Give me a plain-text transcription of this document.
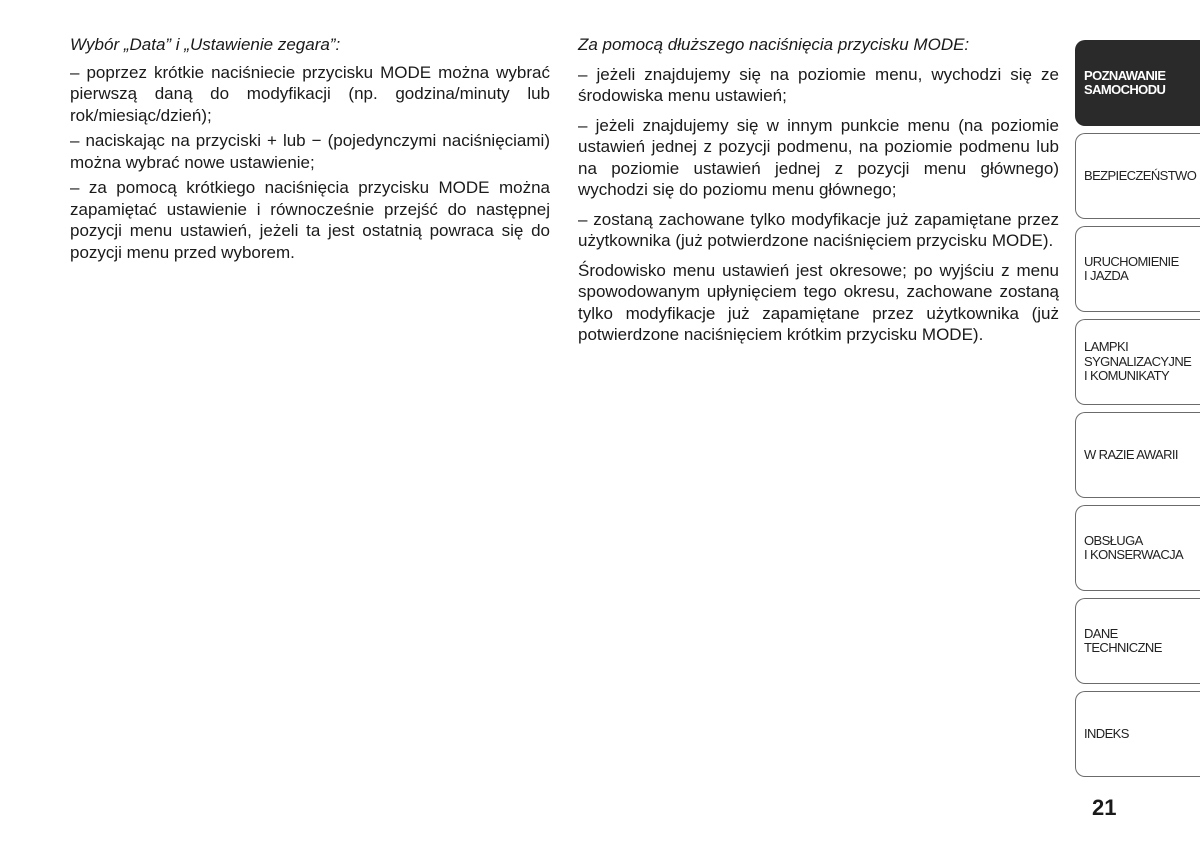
Wybór „Data” i „Ustawienie zegara”:

– poprzez krótkie naciśniecie przycisku MODE można wybrać pierwszą daną do modyfikacji (np. godzina/minuty lub rok/miesiąc/dzień);

– naciskając na przyciski + lub − (pojedynczymi naciśnięciami) można wybrać nowe ustawienie;

– za pomocą krótkiego naciśnięcia przycisku MODE można zapamiętać ustawienie i równocześnie przejść do następnej pozycji menu ustawień, jeżeli ta jest ostatnią powraca się do pozycji menu przed wyborem.

Za pomocą dłuższego naciśnięcia przycisku MODE:

– jeżeli znajdujemy się na poziomie menu, wychodzi się ze środowiska menu ustawień;

– jeżeli znajdujemy się w innym punkcie menu (na poziomie ustawień jednej z pozycji podmenu, na poziomie podmenu lub na poziomie ustawień jednej z pozycji menu głównego) wychodzi się do poziomu menu głównego;

– zostaną zachowane tylko modyfikacje już zapamiętane przez użytkownika (już potwierdzone naciśnięciem przycisku MODE).

Środowisko menu ustawień jest okresowe; po wyjściu z menu spowodowanym upłynięciem tego okresu, zachowane zostaną tylko modyfikacje już zapamiętane przez użytkownika (już potwierdzone naciśnięciem krótkim przycisku MODE).

POZNAWANIE
SAMOCHODU
BEZPIECZEŃSTWO
URUCHOMIENIE
I JAZDA
LAMPKI
SYGNALIZACYJNE
I KOMUNIKATY
W RAZIE AWARII
OBSŁUGA
I KONSERWACJA
DANE
TECHNICZNE
INDEKS
21
